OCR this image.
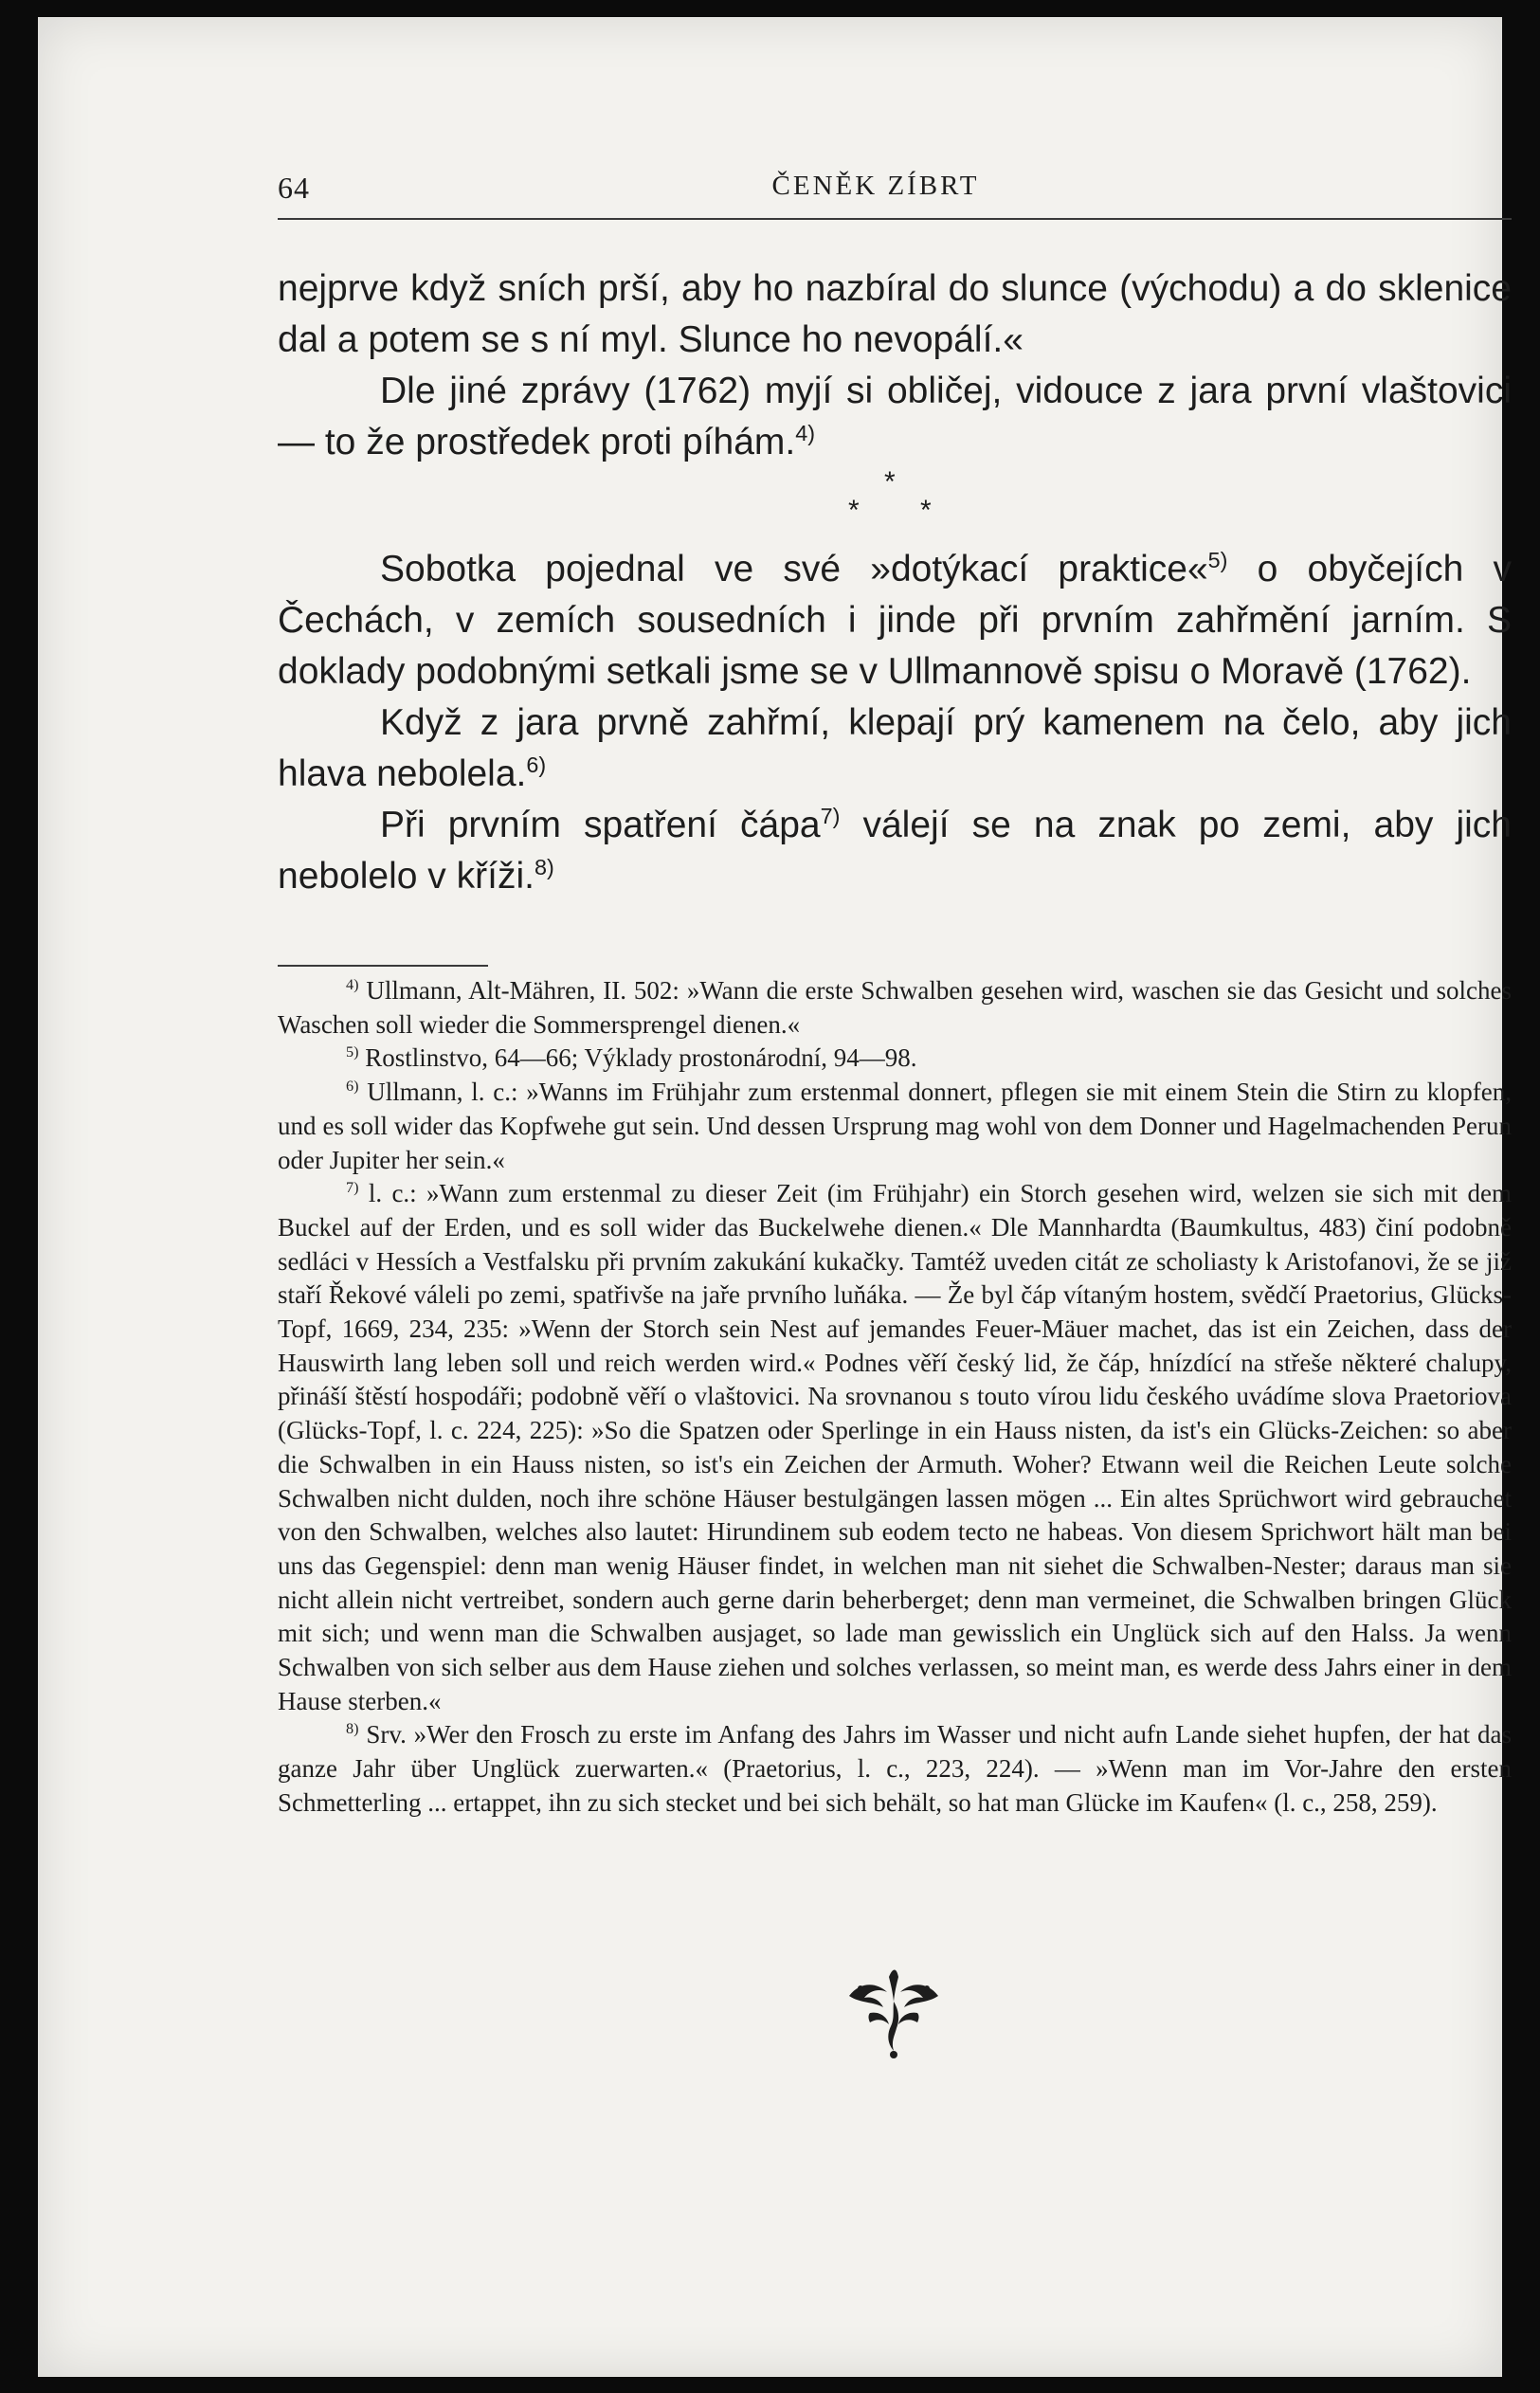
64	ČENĚK ZÍBRT

nejprve když sních prší, aby ho nazbíral do slunce (východu) a do sklenice dal a potem se s ní myl. Slunce ho nevopálí.«

Dle jiné zprávy (1762) myjí si obličej, vidouce z jara první vlaštovici — to že prostředek proti píhám.$^{4)}$

*
* *

Sobotka pojednal ve své »dotýkací praktice«$^{5)}$ o obyčejích v Čechách, v zemích sousedních i jinde při prvním zahřmění jarním. S doklady podobnými setkali jsme se v Ullmannově spisu o Moravě (1762).

Když z jara prvně zahřmí, klepají prý kamenem na čelo, aby jich hlava nebolela.$^{6)}$

Při prvním spatření čápa$^{7)}$ válejí se na znak po zemi, aby jich nebolelo v kříži.$^{8)}$

$^{4)}$ Ullmann, Alt-Mähren, II. 502: »Wann die erste Schwalben gesehen wird, waschen sie das Gesicht und solches Waschen soll wieder die Sommersprengel dienen.«

$^{5)}$ Rostlinstvo, 64—66; Výklady prostonárodní, 94—98.

$^{6)}$ Ullmann, l. c.: »Wanns im Frühjahr zum erstenmal donnert, pflegen sie mit einem Stein die Stirn zu klopfen, und es soll wider das Kopfwehe gut sein. Und dessen Ursprung mag wohl von dem Donner und Hagelmachenden Perun oder Jupiter her sein.«

$^{7)}$ l. c.: »Wann zum erstenmal zu dieser Zeit (im Frühjahr) ein Storch gesehen wird, welzen sie sich mit dem Buckel auf der Erden, und es soll wider das Buckelwehe dienen.« Dle Mannhardta (Baumkultus, 483) činí podobně sedláci v Hessích a Vestfalsku při prvním zakukání kukačky. Tamtéž uveden citát ze scholiasty k Aristofanovi, že se již staří Řekové váleli po zemi, spatřivše na jaře prvního luňáka. — Že byl čáp vítaným hostem, svědčí Praetorius, Glücks-Topf, 1669, 234, 235: »Wenn der Storch sein Nest auf jemandes Feuer-Mäuer machet, das ist ein Zeichen, dass der Hauswirth lang leben soll und reich werden wird.« Podnes věří český lid, že čáp, hnízdící na střeše některé chalupy, přináší štěstí hospodáři; podobně věří o vlaštovici. Na srovnanou s touto vírou lidu českého uvádíme slova Praetoriova (Glücks-Topf, l. c. 224, 225): »So die Spatzen oder Sperlinge in ein Hauss nisten, da ist's ein Glücks-Zeichen: so aber die Schwalben in ein Hauss nisten, so ist's ein Zeichen der Armuth. Woher? Etwann weil die Reichen Leute solche Schwalben nicht dulden, noch ihre schöne Häuser bestulgängen lassen mögen ... Ein altes Sprüchwort wird gebrauchet von den Schwalben, welches also lautet: Hirundinem sub eodem tecto ne habeas. Von diesem Sprichwort hält man bei uns das Gegenspiel: denn man wenig Häuser findet, in welchen man nit siehet die Schwalben-Nester; daraus man sie nicht allein nicht vertreibet, sondern auch gerne darin beherberget; denn man vermeinet, die Schwalben bringen Glück mit sich; und wenn man die Schwalben ausjaget, so lade man gewisslich ein Unglück sich auf den Halss. Ja wenn Schwalben von sich selber aus dem Hause ziehen und solches verlassen, so meint man, es werde dess Jahrs einer in dem Hause sterben.«

$^{8)}$ Srv. »Wer den Frosch zu erste im Anfang des Jahrs im Wasser und nicht aufn Lande siehet hupfen, der hat das ganze Jahr über Unglück zuerwarten.« (Praetorius, l. c., 223, 224). — »Wenn man im Vor-Jahre den ersten Schmetterling ... ertappet, ihn zu sich stecket und bei sich behält, so hat man Glücke im Kaufen« (l. c., 258, 259).
